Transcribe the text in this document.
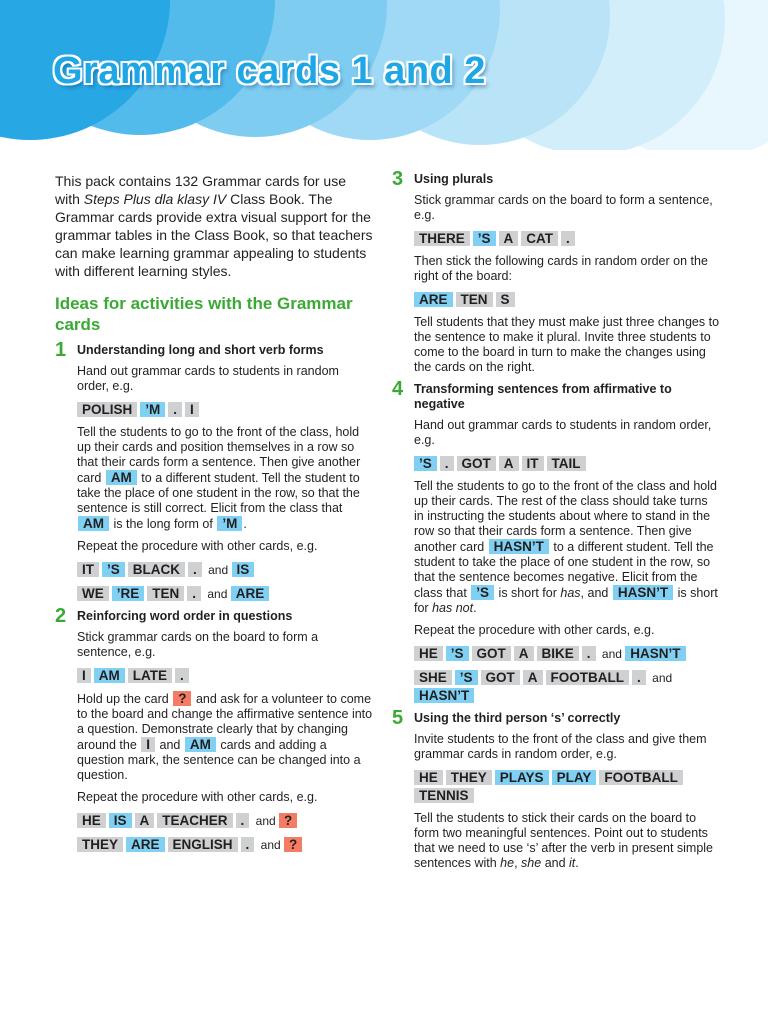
Grammar cards 1 and 2

This pack contains 132 Grammar cards for use with Steps Plus dla klasy IV Class Book. The Grammar cards provide extra visual support for the grammar tables in the Class Book, so that teachers can make learning grammar appealing to students with different learning styles.

Ideas for activities with the Grammar cards
1 Understanding long and short verb forms

Hand out grammar cards to students in random order, e.g.

POLISH ’M . I

Tell the students to go to the front of the class, hold up their cards and position themselves in a row so that their cards form a sentence. Then give another card AM to a different student. Tell the student to take the place of one student in the row, so that the sentence is still correct. Elicit from the class that AM is the long form of ’M .

Repeat the procedure with other cards, e.g.

IT ’S BLACK . and IS
WE ’RE TEN . and ARE
2 Reinforcing word order in questions

Stick grammar cards on the board to form a sentence, e.g.

I AM LATE .

Hold up the card ? and ask for a volunteer to come to the board and change the affirmative sentence into a question. Demonstrate clearly that by changing around the I and AM cards and adding a question mark, the sentence can be changed into a question.

Repeat the procedure with other cards, e.g.

HE IS A TEACHER . and ?
THEY ARE ENGLISH . and ?
3 Using plurals

Stick grammar cards on the board to form a sentence, e.g.

THERE ’S A CAT .

Then stick the following cards in random order on the right of the board:

ARE TEN S

Tell students that they must make just three changes to the sentence to make it plural. Invite three students to come to the board in turn to make the changes using the cards on the right.

4 Transforming sentences from affirmative to negative

Hand out grammar cards to students in random order, e.g.

’S . GOT A IT TAIL

Tell the students to go to the front of the class and hold up their cards. The rest of the class should take turns in instructing the students about where to stand in the row so that their cards form a sentence. Then give another card HASN’T to a different student. Tell the student to take the place of one student in the row, so that the sentence becomes negative. Elicit from the class that ’S is short for has, and HASN’T is short for has not.

Repeat the procedure with other cards, e.g.

HE ’S GOT A BIKE . and HASN’T
SHE ’S GOT A FOOTBALL . and HASN’T
5 Using the third person ‘s’ correctly

Invite students to the front of the class and give them grammar cards in random order, e.g.

HE THEY PLAYS PLAY FOOTBALLTENNIS

Tell the students to stick their cards on the board to form two meaningful sentences. Point out to students that we need to use ‘s’ after the verb in present simple sentences with he, she and it.
